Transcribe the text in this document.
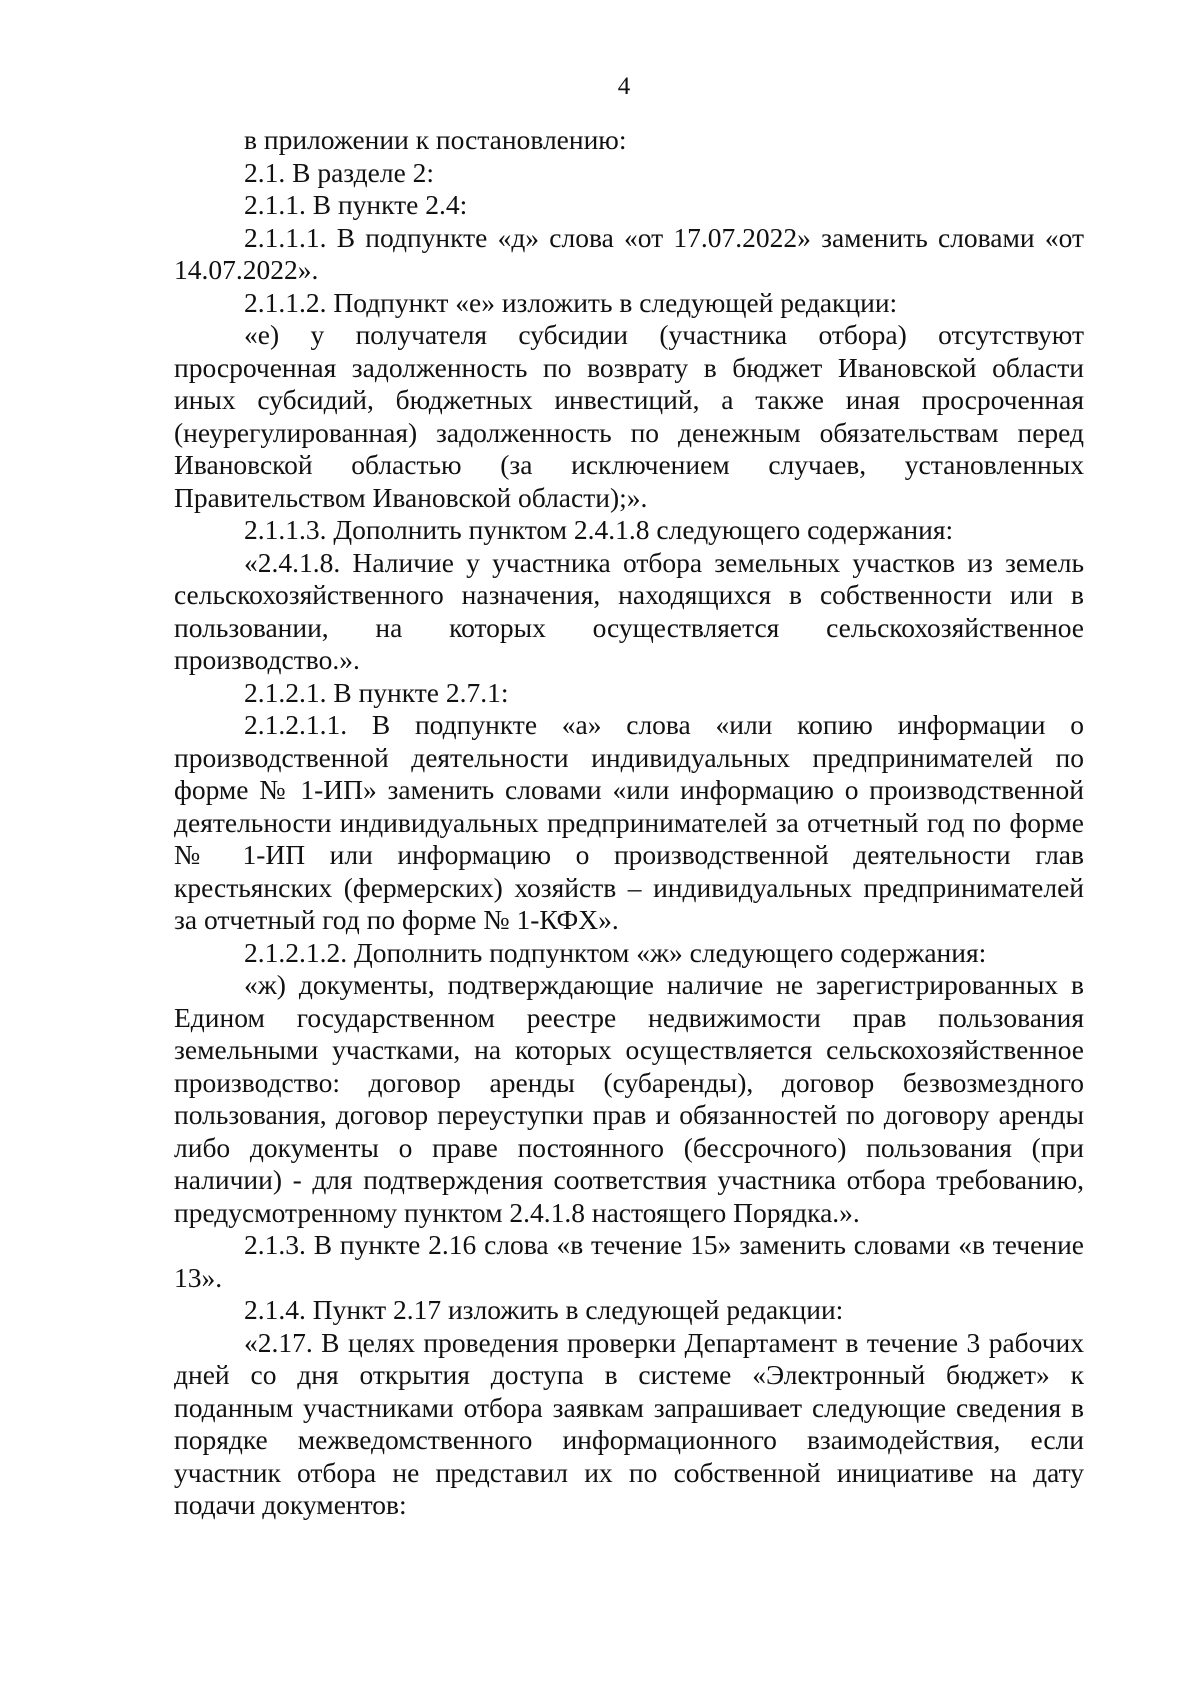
4

в приложении к постановлению:

2.1. В разделе 2:

2.1.1. В пункте 2.4:

2.1.1.1. В подпункте «д» слова «от 17.07.2022» заменить словами «от 14.07.2022».

2.1.1.2. Подпункт «е» изложить в следующей редакции:

«е) у получателя субсидии (участника отбора) отсутствуют просроченная задолженность по возврату в бюджет Ивановской области иных субсидий, бюджетных инвестиций, а также иная просроченная (неурегулированная) задолженность по денежным обязательствам перед Ивановской областью (за исключением случаев, установленных Правительством Ивановской области);».

2.1.1.3. Дополнить пунктом 2.4.1.8 следующего содержания:

«2.4.1.8. Наличие у участника отбора земельных участков из земель сельскохозяйственного назначения, находящихся в собственности или в пользовании, на которых осуществляется сельскохозяйственное производство.».

2.1.2.1. В пункте 2.7.1:

2.1.2.1.1. В подпункте «а» слова «или копию информации о производственной деятельности индивидуальных предпринимателей по форме № 1-ИП» заменить словами «или информацию о производственной деятельности индивидуальных предпринимателей за отчетный год по форме № 1-ИП или информацию о производственной деятельности глав крестьянских (фермерских) хозяйств – индивидуальных предпринимателей за отчетный год по форме № 1-КФХ».

2.1.2.1.2. Дополнить подпунктом «ж» следующего содержания:

«ж) документы, подтверждающие наличие не зарегистрированных в Едином государственном реестре недвижимости прав пользования земельными участками, на которых осуществляется сельскохозяйственное производство: договор аренды (субаренды), договор безвозмездного пользования, договор переуступки прав и обязанностей по договору аренды либо документы о праве постоянного (бессрочного) пользования (при наличии) - для подтверждения соответствия участника отбора требованию, предусмотренному пунктом 2.4.1.8 настоящего Порядка.».

2.1.3. В пункте 2.16 слова «в течение 15» заменить словами «в течение 13».

2.1.4. Пункт 2.17 изложить в следующей редакции:

«2.17. В целях проведения проверки Департамент в течение 3 рабочих дней со дня открытия доступа в системе «Электронный бюджет» к поданным участниками отбора заявкам запрашивает следующие сведения в порядке межведомственного информационного взаимодействия, если участник отбора не представил их по собственной инициативе на дату подачи документов:
